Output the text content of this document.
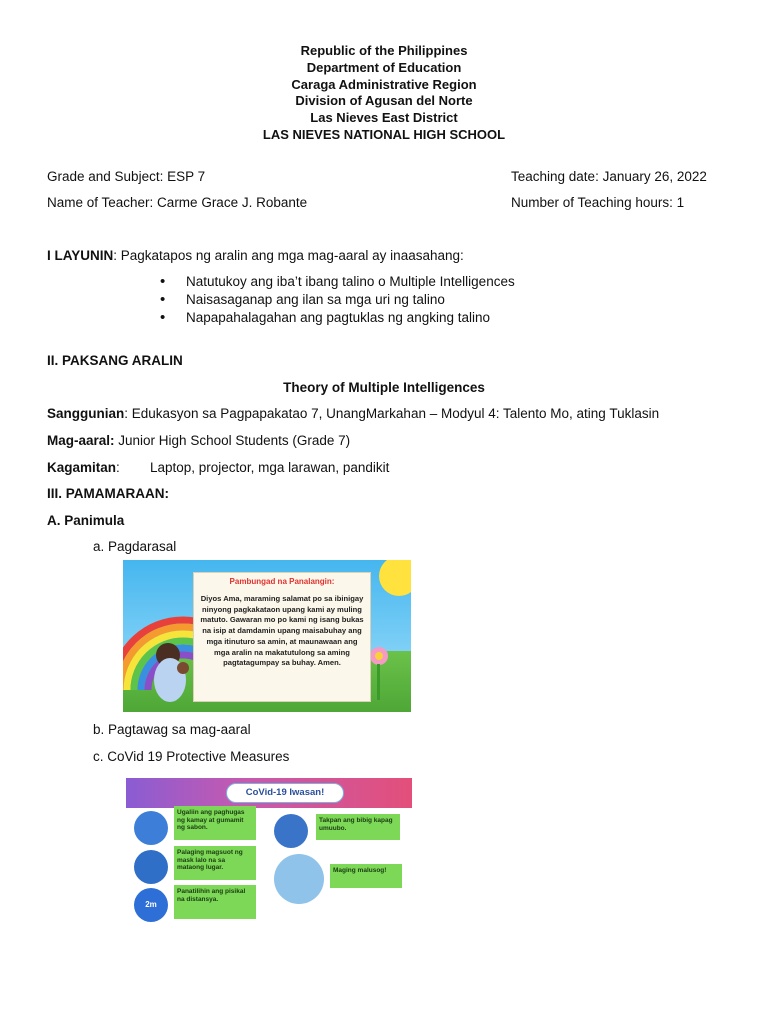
Republic of the Philippines
Department of Education
Caraga Administrative Region
Division of Agusan del Norte
Las Nieves East District
LAS NIEVES NATIONAL HIGH SCHOOL
Grade and Subject: ESP 7	Teaching date: January 26, 2022
Name of Teacher: Carme Grace J. Robante	Number of Teaching hours: 1
I LAYUNIN: Pagkatapos ng aralin ang mga mag-aaral ay inaasahang:
• Natutukoy ang iba’t ibang talino o Multiple Intelligences
• Naisasaganap ang ilan sa mga uri ng talino
• Napapahalagahan ang pagtuklas ng angking talino
II. PAKSANG ARALIN
Theory of Multiple Intelligences
Sanggunian: Edukasyon sa Pagpapakatao 7, UnangMarkahan – Modyul 4: Talento Mo, ating Tuklasin
Mag-aaral: Junior High School Students (Grade 7)
Kagamitan: Laptop, projector, mga larawan, pandikit
III. PAMAMARAAN:
A. Panimula
a. Pagdarasal
Pambungad na Panalangin:
Diyos Ama, maraming salamat po sa ibinigay ninyong pagkakataon upang kami ay muling matuto. Gawaran mo po kami ng isang bukas na isip at damdamin upang maisabuhay ang mga itinuturo sa amin, at maunawaan ang mga aralin na makatutulong sa aming pagtatagumpay sa buhay. Amen.
b. Pagtawag sa mag-aaral
c. CoVid 19 Protective Measures
CoVid-19 Iwasan!
Ugaliin ang paghugas ng kamay at gumamit ng sabon.
Palaging magsuot ng mask lalo na sa mataong lugar.
2m
Panatilihin ang pisikal na distansya.
Takpan ang bibig kapag umuubo.
Maging malusog!
